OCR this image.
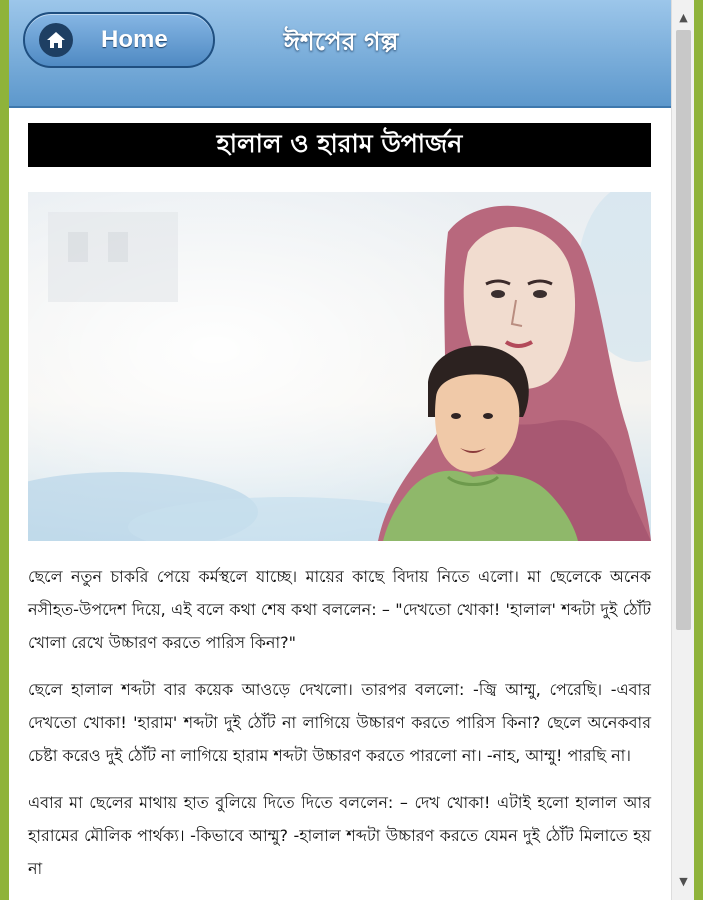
Home	ঈশপের গল্প
হালাল ও হারাম উপার্জন

ছেলে নতুন চাকরি পেয়ে কর্মস্থলে যাচ্ছে। মায়ের কাছে বিদায় নিতে এলো। মা ছেলেকে অনেক নসীহত-উপদেশ দিয়ে, এই বলে কথা শেষ কথা বললেন: – "দেখতো খোকা! 'হালাল' শব্দটা দুই ঠোঁট খোলা রেখে উচ্চারণ করতে পারিস কিনা?"

ছেলে হালাল শব্দটা বার কয়েক আওড়ে দেখলো। তারপর বললো: -জ্বি আম্মু, পেরেছি। -এবার দেখতো খোকা! 'হারাম' শব্দটা দুই ঠোঁট না লাগিয়ে উচ্চারণ করতে পারিস কিনা? ছেলে অনেকবার চেষ্টা করেও দুই ঠোঁট না লাগিয়ে হারাম শব্দটা উচ্চারণ করতে পারলো না। -নাহ, আম্মু! পারছি না।

এবার মা ছেলের মাথায় হাত বুলিয়ে দিতে দিতে বললেন: – দেখ খোকা! এটাই হলো হালাল আর হারামের মৌলিক পার্থক্য। -কিভাবে আম্মু? -হালাল শব্দটা উচ্চারণ করতে যেমন দুই ঠোঁট মিলাতে হয় না

▲
▼
